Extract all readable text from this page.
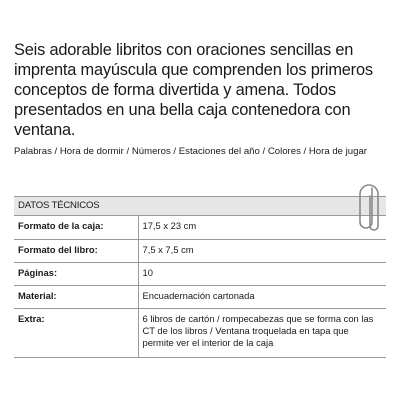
Seis adorable libritos con oraciones sencillas en imprenta mayúscula que comprenden los primeros conceptos de forma divertida y amena. Todos presentados en una bella caja contenedora con ventana.

Palabras / Hora de dormir / Números / Estaciones del año / Colores / Hora de jugar

DATOS TÉCNICOS
Formato de la caja:	17,5 x 23 cm
Formato del libro:	7,5 x 7,5 cm
Páginas:	10
Material:	Encuadernación cartonada
Extra:	6 libros de cartón / rompecabezas que se forma con las CT de los libros / Ventana troquelada en tapa que permite ver el interior de la caja
